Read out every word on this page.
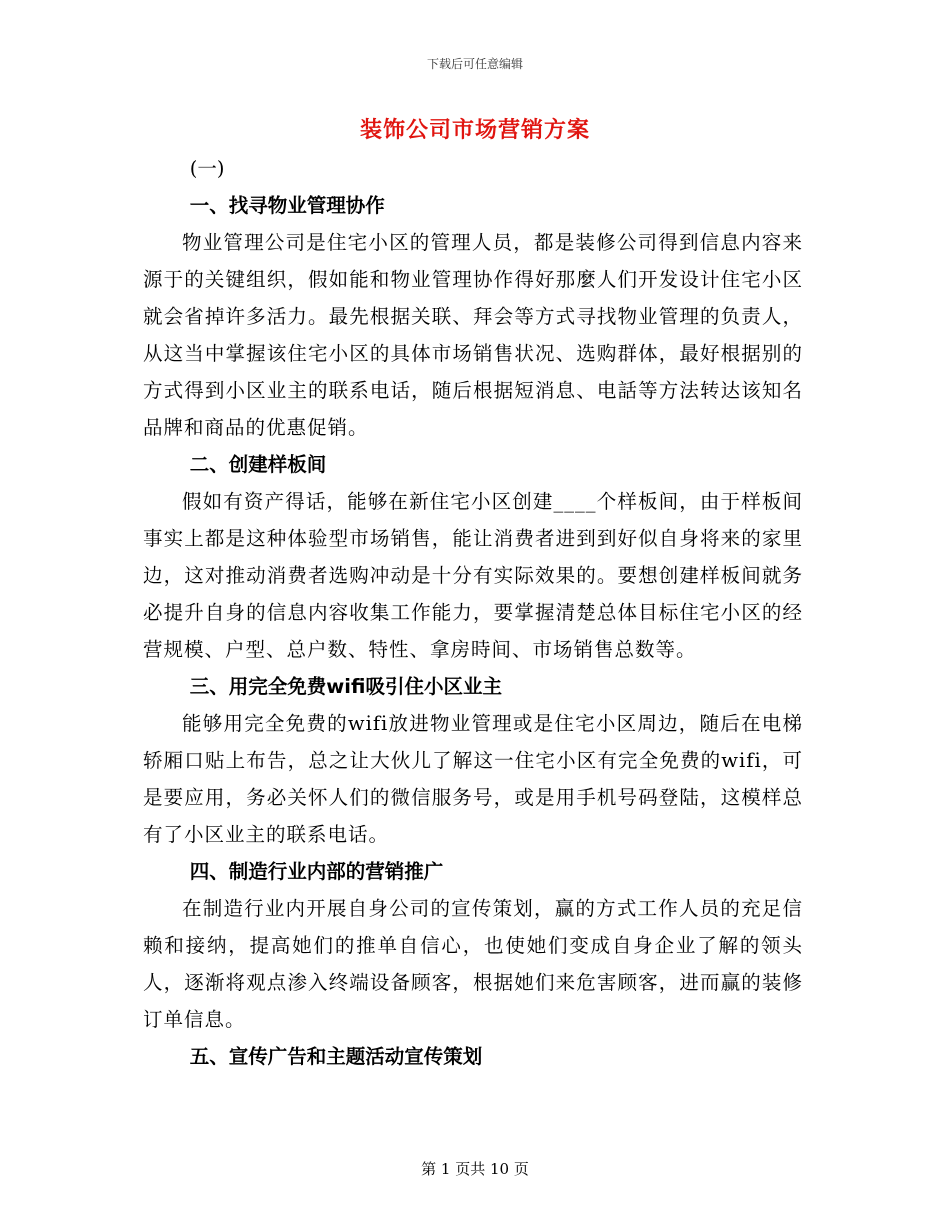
下载后可任意编辑
装饰公司市场营销方案
(一)
一、找寻物业管理协作

物业管理公司是住宅小区的管理人员，都是装修公司得到信息内容来源于的关键组织，假如能和物业管理协作得好那麼人们开发设计住宅小区就会省掉许多活力。最先根据关联、拜会等方式寻找物业管理的负责人，从这当中掌握该住宅小区的具体市场销售状况、选购群体，最好根据别的方式得到小区业主的联系电话，随后根据短消息、电話等方法转达该知名品牌和商品的优惠促销。

二、创建样板间

假如有资产得话，能够在新住宅小区创建____个样板间，由于样板间事实上都是这种体验型市场销售，能让消费者进到到好似自身将来的家里边，这对推动消费者选购冲动是十分有实际效果的。要想创建样板间就务必提升自身的信息内容收集工作能力，要掌握清楚总体目标住宅小区的经营规模、户型、总户数、特性、拿房時间、市场销售总数等。

三、用完全免费wifi吸引住小区业主

能够用完全免费的wifi放进物业管理或是住宅小区周边，随后在电梯轿厢口贴上布告，总之让大伙儿了解这一住宅小区有完全免费的wifi，可是要应用，务必关怀人们的微信服务号，或是用手机号码登陆，这模样总有了小区业主的联系电话。

四、制造行业内部的营销推广

在制造行业内开展自身公司的宣传策划，赢的方式工作人员的充足信赖和接纳，提高她们的推单自信心，也使她们变成自身企业了解的领头人，逐渐将观点渗入终端设备顾客，根据她们来危害顾客，进而赢的装修订单信息。

五、宣传广告和主题活动宣传策划
第 1 页共 10 页
